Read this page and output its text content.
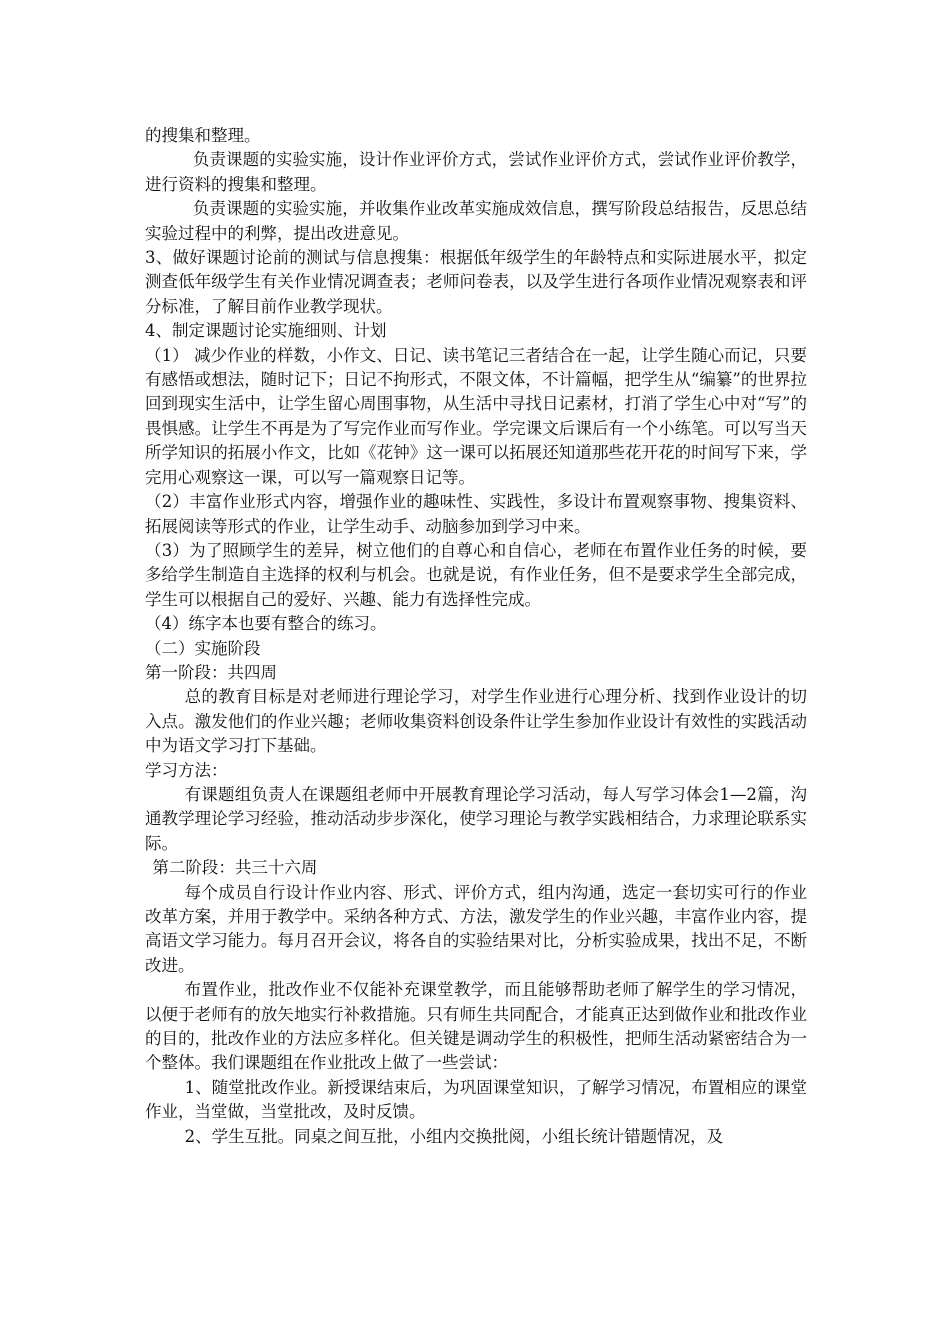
的搜集和整理。

负责课题的实验实施，设计作业评价方式，尝试作业评价方式，尝试作业评价教学，进行资料的搜集和整理。

负责课题的实验实施，并收集作业改革实施成效信息，撰写阶段总结报告，反思总结实验过程中的利弊，提出改进意见。

3、做好课题讨论前的测试与信息搜集：根据低年级学生的年龄特点和实际进展水平，拟定测查低年级学生有关作业情况调查表；老师问卷表，以及学生进行各项作业情况观察表和评分标准，了解目前作业教学现状。

4、制定课题讨论实施细则、计划

（1） 减少作业的样数，小作文、日记、读书笔记三者结合在一起，让学生随心而记，只要有感悟或想法，随时记下；日记不拘形式，不限文体，不计篇幅，把学生从“编纂”的世界拉回到现实生活中，让学生留心周围事物，从生活中寻找日记素材，打消了学生心中对“写”的畏惧感。让学生不再是为了写完作业而写作业。学完课文后课后有一个小练笔。可以写当天所学知识的拓展小作文，比如《花钟》这一课可以拓展还知道那些花开花的时间写下来，学完用心观察这一课，可以写一篇观察日记等。

（2）丰富作业形式内容，增强作业的趣味性、实践性，多设计布置观察事物、搜集资料、拓展阅读等形式的作业，让学生动手、动脑参加到学习中来。

（3）为了照顾学生的差异，树立他们的自尊心和自信心，老师在布置作业任务的时候，要多给学生制造自主选择的权利与机会。也就是说，有作业任务，但不是要求学生全部完成，学生可以根据自己的爱好、兴趣、能力有选择性完成。

（4）练字本也要有整合的练习。

（二）实施阶段

第一阶段：共四周

总的教育目标是对老师进行理论学习，对学生作业进行心理分析、找到作业设计的切入点。激发他们的作业兴趣；老师收集资料创设条件让学生参加作业设计有效性的实践活动中为语文学习打下基础。

学习方法：

有课题组负责人在课题组老师中开展教育理论学习活动，每人写学习体会1—2篇，沟通教学理论学习经验，推动活动步步深化，使学习理论与教学实践相结合，力求理论联系实际。

第二阶段：共三十六周

每个成员自行设计作业内容、形式、评价方式，组内沟通，选定一套切实可行的作业改革方案，并用于教学中。采纳各种方式、方法，激发学生的作业兴趣，丰富作业内容，提高语文学习能力。每月召开会议，将各自的实验结果对比，分析实验成果，找出不足，不断改进。

布置作业，批改作业不仅能补充课堂教学，而且能够帮助老师了解学生的学习情况，以便于老师有的放矢地实行补救措施。只有师生共同配合，才能真正达到做作业和批改作业的目的，批改作业的方法应多样化。但关键是调动学生的积极性，把师生活动紧密结合为一个整体。我们课题组在作业批改上做了一些尝试：

1、随堂批改作业。新授课结束后，为巩固课堂知识，了解学习情况，布置相应的课堂作业，当堂做，当堂批改，及时反馈。

2、学生互批。同桌之间互批，小组内交换批阅，小组长统计错题情况，及
